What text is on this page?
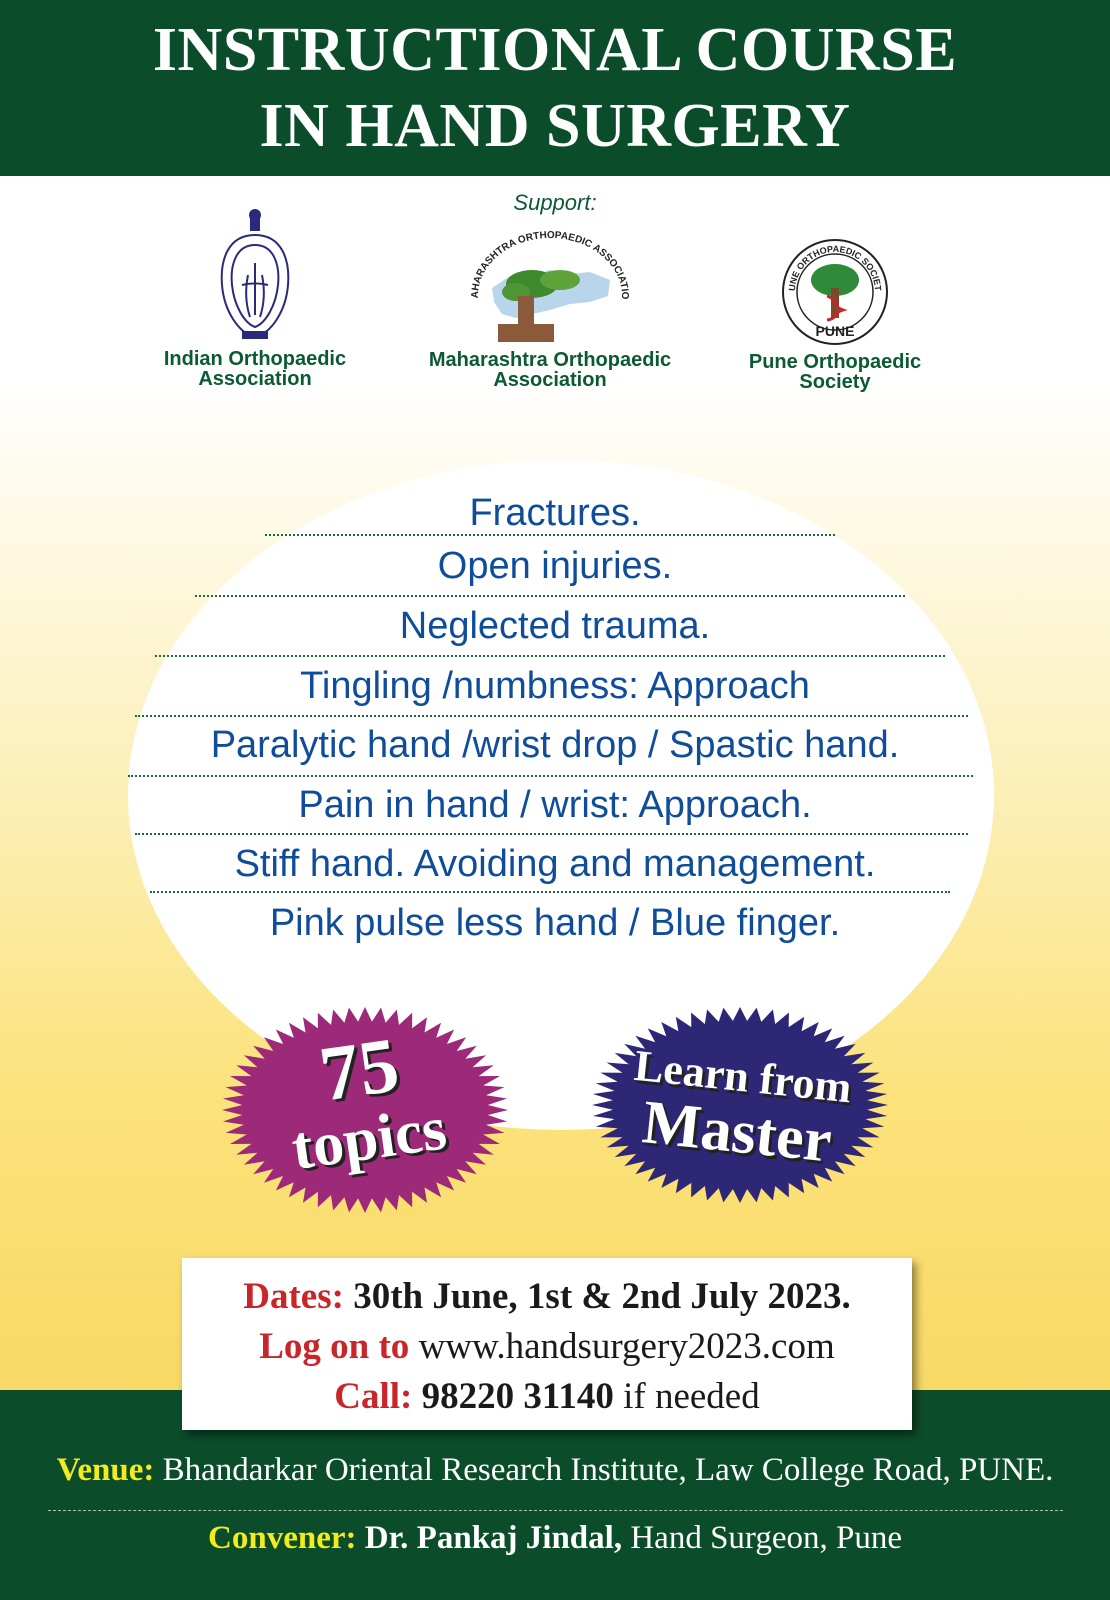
INSTRUCTIONAL COURSE
IN HAND SURGERY
Support:
Indian Orthopaedic
Association
AHARASHTRA ORTHOPAEDIC ASSOCIATIO
Maharashtra Orthopaedic
Association
UNE ORTHOPAEDIC SOCIET
PUNE
Pune Orthopaedic
Society
Fractures.
Open injuries.
Neglected trauma.
Tingling /numbness: Approach
Paralytic hand /wrist drop / Spastic hand.
Pain in hand / wrist: Approach.
Stiff hand. Avoiding and management.
Pink pulse less hand / Blue finger.
75
topics
Learn from
Master
Dates: 30th June, 1st & 2nd July 2023.
Log on to www.handsurgery2023.com
Call: 98220 31140 if needed
Venue: Bhandarkar Oriental Research Institute, Law College Road, PUNE.
Convener: Dr. Pankaj Jindal, Hand Surgeon, Pune
